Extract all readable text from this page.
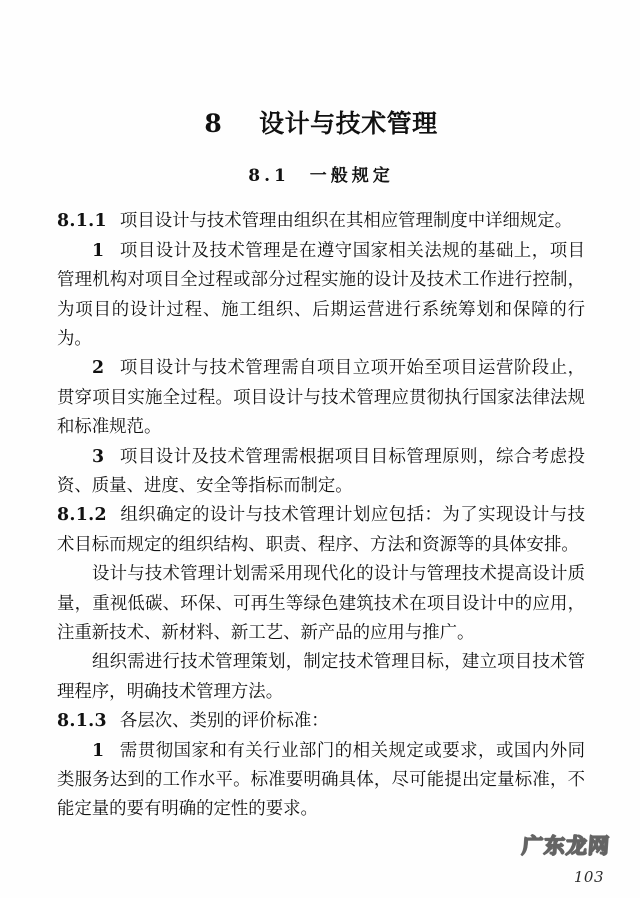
8    设计与技术管理
8.1  一般规定

8.1.1 项目设计与技术管理由组织在其相应管理制度中详细规定。

1 项目设计及技术管理是在遵守国家相关法规的基础上，项目管理机构对项目全过程或部分过程实施的设计及技术工作进行控制，为项目的设计过程、施工组织、后期运营进行系统筹划和保障的行为。

2 项目设计与技术管理需自项目立项开始至项目运营阶段止，贯穿项目实施全过程。项目设计与技术管理应贯彻执行国家法律法规和标准规范。

3 项目设计及技术管理需根据项目目标管理原则，综合考虑投资、质量、进度、安全等指标而制定。

8.1.2 组织确定的设计与技术管理计划应包括：为了实现设计与技术目标而规定的组织结构、职责、程序、方法和资源等的具体安排。

设计与技术管理计划需采用现代化的设计与管理技术提高设计质量，重视低碳、环保、可再生等绿色建筑技术在项目设计中的应用，注重新技术、新材料、新工艺、新产品的应用与推广。

组织需进行技术管理策划，制定技术管理目标，建立项目技术管理程序，明确技术管理方法。

8.1.3 各层次、类别的评价标准：

1 需贯彻国家和有关行业部门的相关规定或要求，或国内外同类服务达到的工作水平。标准要明确具体，尽可能提出定量标准，不能定量的要有明确的定性的要求。

广东龙网
103
